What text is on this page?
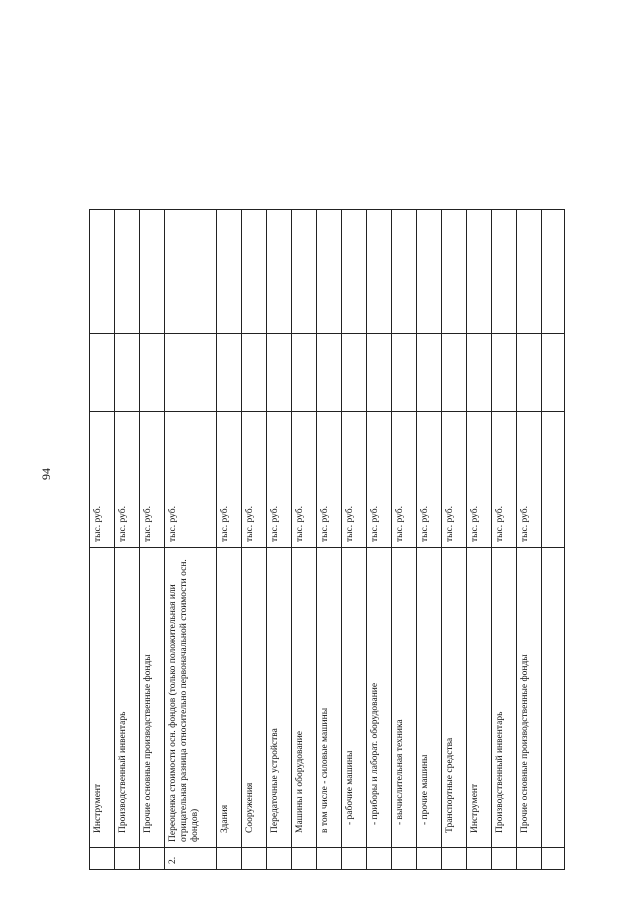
94
	Инструмент	тыс. руб.		
	Производственный инвентарь	тыс. руб.		
	Прочие основные производственные фонды	тыс. руб.		
2.	Переоценка стоимости осн. фондов (только положительная или отрицательная разница относительно первоначальной стоимости осн. фондов)	тыс. руб.		
	Здания	тыс. руб.		
	Сооружения	тыс. руб.		
	Передаточные устройства	тыс. руб.		
	Машины и оборудование	тыс. руб.		
	в том числе - силовые машины	тыс. руб.		
	- рабочие машины	тыс. руб.		
	- приборы и лаборат. оборудование	тыс. руб.		
	- вычислительная техника	тыс. руб.		
	- прочие машины	тыс. руб.		
	Транспортные средства	тыс. руб.		
	Инструмент	тыс. руб.		
	Производственный инвентарь	тыс. руб.		
	Прочие основные производственные фонды	тыс. руб.		
